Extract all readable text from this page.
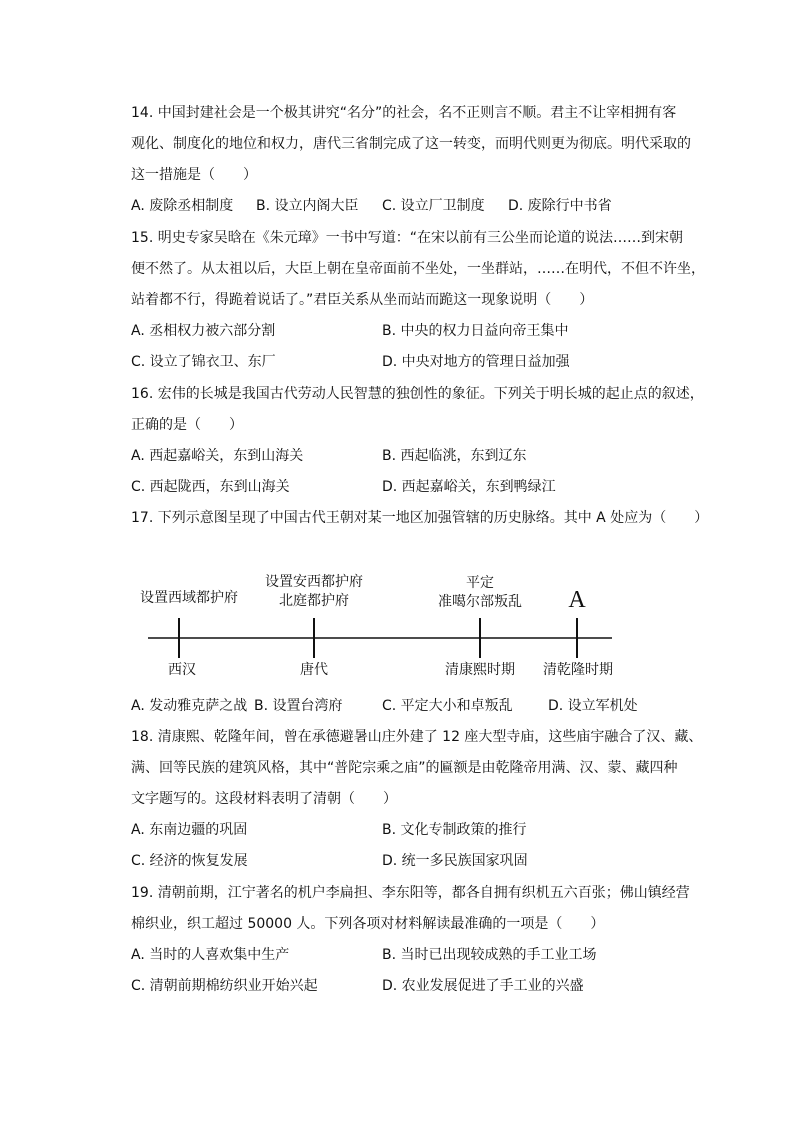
14. 中国封建社会是一个极其讲究“名分”的社会，名不正则言不顺。君主不让宰相拥有客
观化、制度化的地位和权力，唐代三省制完成了这一转变，而明代则更为彻底。明代采取的
这一措施是（　　）
A. 废除丞相制度 B. 设立内阁大臣 C. 设立厂卫制度 D. 废除行中书省
15. 明史专家吴晗在《朱元璋》一书中写道：“在宋以前有三公坐而论道的说法……到宋朝
便不然了。从太祖以后，大臣上朝在皇帝面前不坐处，一坐群站，……在明代，不但不许坐，
站着都不行，得跪着说话了。”君臣关系从坐而站而跪这一现象说明（　　）
A. 丞相权力被六部分割	B. 中央的权力日益向帝王集中
C. 设立了锦衣卫、东厂	D. 中央对地方的管理日益加强
16. 宏伟的长城是我国古代劳动人民智慧的独创性的象征。下列关于明长城的起止点的叙述，
正确的是（　　）
A. 西起嘉峪关，东到山海关	B. 西起临洮，东到辽东
C. 西起陇西，东到山海关	D. 西起嘉峪关，东到鸭绿江
17. 下列示意图呈现了中国古代王朝对某一地区加强管辖的历史脉络。其中 A 处应为（　　）
设置西域都护府
设置安西都护府
北庭都护府
平定
准噶尔部叛乱 A
西汉	唐代	清康熙时期 清乾隆时期
A. 发动雅克萨之战 B. 设置台湾府	C. 平定大小和卓叛乱	D. 设立军机处
18. 清康熙、乾隆年间，曾在承德避暑山庄外建了 12 座大型寺庙，这些庙宇融合了汉、藏、
满、回等民族的建筑风格，其中“普陀宗乘之庙”的匾额是由乾隆帝用满、汉、蒙、藏四种
文字题写的。这段材料表明了清朝（　　）
A. 东南边疆的巩固	B. 文化专制政策的推行
C. 经济的恢复发展	D. 统一多民族国家巩固
19. 清朝前期，江宁著名的机户李扁担、李东阳等，都各自拥有织机五六百张；佛山镇经营
棉织业，织工超过 50000 人。下列各项对材料解读最准确的一项是（　　）
A. 当时的人喜欢集中生产	B. 当时已出现较成熟的手工业工场
C. 清朝前期棉纺织业开始兴起	D. 农业发展促进了手工业的兴盛
